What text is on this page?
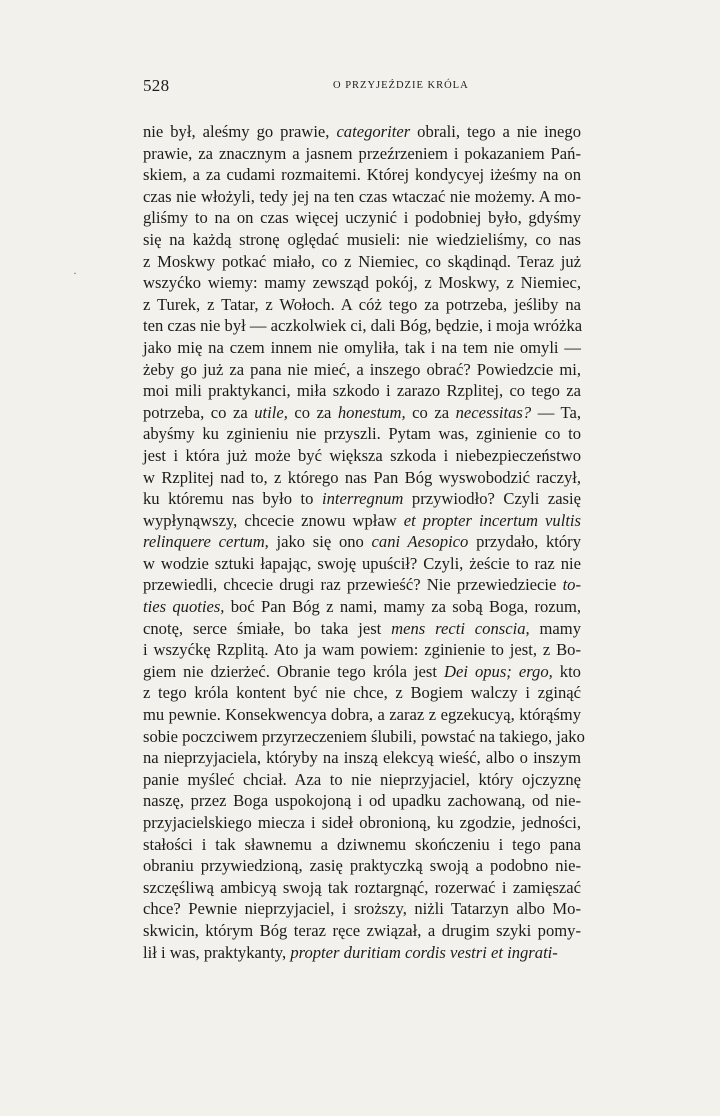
528	O PRZYJEŹDZIE KRÓLA
nie był, aleśmy go prawie, categoriter obrali, tego a nie inego
prawie, za znacznym a jasnem przeźrzeniem i pokazaniem Pań-
skiem, a za cudami rozmaitemi. Której kondycyej iżeśmy na on
czas nie włożyli, tedy jej na ten czas wtaczać nie możemy. A mo-
gliśmy to na on czas więcej uczynić i podobniej było, gdyśmy
się na każdą stronę oględać musieli: nie wiedzieliśmy, co nas
z Moskwy potkać miało, co z Niemiec, co skądinąd. Teraz już
wszyćko wiemy: mamy zewsząd pokój, z Moskwy, z Niemiec,
z Turek, z Tatar, z Wołoch. A cóż tego za potrzeba, jeśliby na
ten czas nie był — aczkolwiek ci, dali Bóg, będzie, i moja wróżka
jako mię na czem innem nie omyliła, tak i na tem nie omyli —
żeby go już za pana nie mieć, a inszego obrać? Powiedzcie mi,
moi mili praktykanci, miła szkodo i zarazo Rzplitej, co tego za
potrzeba, co za utile, co za honestum, co za necessitas? — Ta,
abyśmy ku zginieniu nie przyszli. Pytam was, zginienie co to
jest i która już może być większa szkoda i niebezpieczeństwo
w Rzplitej nad to, z którego nas Pan Bóg wyswobodzić raczył,
ku któremu nas było to interregnum przywiodło? Czyli zasię
wypłynąwszy, chcecie znowu wpław et propter incertum vultis
relinquere certum, jako się ono cani Aesopico przydało, który
w wodzie sztuki łapając, swoję upuścił? Czyli, żeście to raz nie
przewiedli, chcecie drugi raz przewieść? Nie przewiedziecie to-
ties quoties, boć Pan Bóg z nami, mamy za sobą Boga, rozum,
cnotę, serce śmiałe, bo taka jest mens recti conscia, mamy
i wszyćkę Rzplitą. Ato ja wam powiem: zginienie to jest, z Bo-
giem nie dzierżeć. Obranie tego króla jest Dei opus; ergo, kto
z tego króla kontent być nie chce, z Bogiem walczy i zginąć
mu pewnie. Konsekwencya dobra, a zaraz z egzekucyą, którąśmy
sobie poczciwem przyrzeczeniem ślubili, powstać na takiego, jako
na nieprzyjaciela, któryby na inszą elekcyą wieść, albo o inszym
panie myśleć chciał. Aza to nie nieprzyjaciel, który ojczyznę
naszę, przez Boga uspokojoną i od upadku zachowaną, od nie-
przyjacielskiego miecza i sideł obronioną, ku zgodzie, jedności,
stałości i tak sławnemu a dziwnemu skończeniu i tego pana
obraniu przywiedzioną, zasię praktyczką swoją a podobno nie-
szczęśliwą ambicyą swoją tak roztargnąć, rozerwać i zamięszać
chce? Pewnie nieprzyjaciel, i sroższy, niżli Tatarzyn albo Mo-
skwicin, którym Bóg teraz ręce związał, a drugim szyki pomy-
lił i was, praktykanty, propter duritiam cordis vestri et ingrati-
·
